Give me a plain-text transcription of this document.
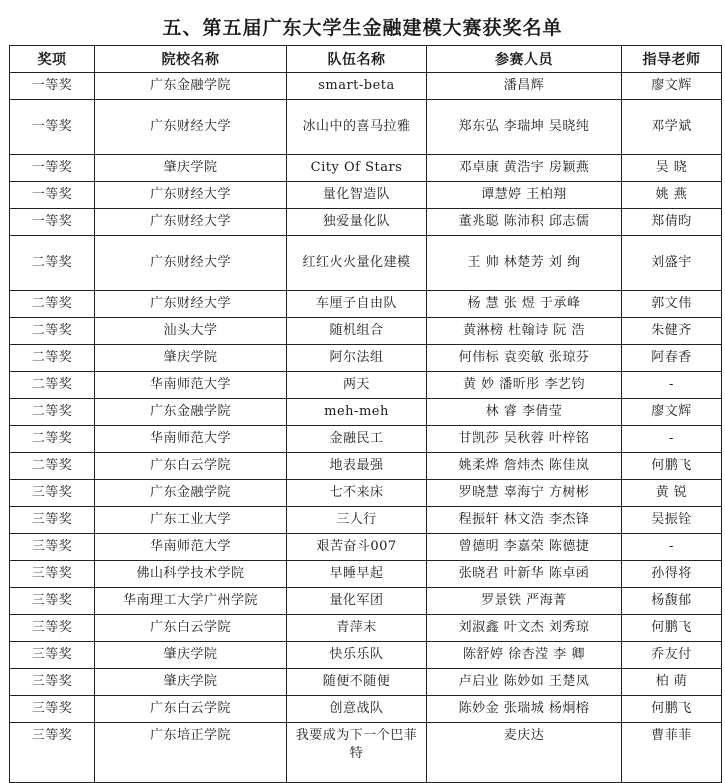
五、第五届广东大学生金融建模大赛获奖名单
奖项	院校名称	队伍名称	参赛人员	指导老师
一等奖	广东金融学院	smart-beta	潘昌辉	廖文辉
一等奖	广东财经大学	冰山中的喜马拉雅	郑东弘 李瑞坤 吴晓纯	邓学斌
一等奖	肇庆学院	City Of Stars	邓卓康 黄浩宇 房颖燕	吴 晓
一等奖	广东财经大学	量化智造队	谭慧婷 王柏翔	姚 燕
一等奖	广东财经大学	独爱量化队	董兆聪 陈沛积 邱志儒	郑倩昀
二等奖	广东财经大学	红红火火量化建模	王 帅 林楚芳 刘 绚	刘盛宇
二等奖	广东财经大学	车厘子自由队	杨 慧 张 煜 于承峰	郭文伟
二等奖	汕头大学	随机组合	黄淋榜 杜翰诗 阮 浩	朱健齐
二等奖	肇庆学院	阿尔法组	何伟标 袁奕敏 张琼芬	阿春香
二等奖	华南师范大学	两天	黄 妙 潘昕彤 李艺钧	-
二等奖	广东金融学院	meh-meh	林 睿 李倩莹	廖文辉
二等奖	华南师范大学	金融民工	甘凯莎 吴秋蓉 叶梓铭	-
二等奖	广东白云学院	地表最强	姚柔烨 詹炜杰 陈佳岚	何鹏飞
三等奖	广东金融学院	七不来床	罗晓慧 辜海宁 方树彬	黄 锐
三等奖	广东工业大学	三人行	程振轩 林文浩 李杰锋	吴振铨
三等奖	华南师范大学	艰苦奋斗007	曾德明 李嘉荣 陈德捷	-
三等奖	佛山科学技术学院	早睡早起	张晓君 叶新华 陈卓函	孙得将
三等奖	华南理工大学广州学院	量化军团	罗景铁 严海菁	杨馥郁
三等奖	广东白云学院	青萍末	刘淑鑫 叶文杰 刘秀琼	何鹏飞
三等奖	肇庆学院	快乐乐队	陈舒婷 徐杏滢 李 卿	乔友付
三等奖	肇庆学院	随便不随便	卢启业 陈妙如 王楚凤	柏 萌
三等奖	广东白云学院	创意战队	陈妙金 张瑞城 杨炯榕	何鹏飞
三等奖	广东培正学院	我要成为下一个巴菲特	麦庆达	曹菲菲
